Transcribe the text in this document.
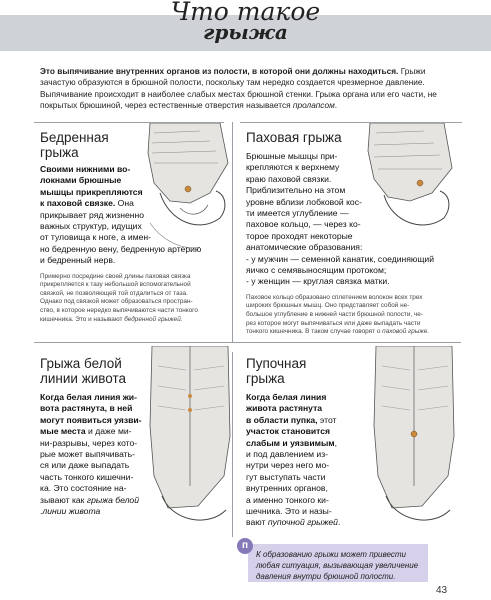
Что такое
грыжа
Это выпячивание внутренних органов из полости, в которой они должны находиться. Грыжи зачастую образуются в брюшной полости, поскольку там нередко создается чрезмерное давление. Выпячивание происходит в наиболее слабых местах брюшной стенки. Грыжа органа или его части, не покрытых брюшиной, через естественные отверстия называется пролапсом.
Бедренная
грыжа
Своими нижними во-
локнами брюшные
мышцы прикрепляются
к паховой связке. Она
прикрывает ряд жизненно
важных структур, идущих
от туловища к ноге, а имен-
но бедренную вену, бедренную артерию
и бедренный нерв.
Примерно посредине своей длины паховая связка
прикрепляется к тазу небольшой вспомогательной
связкой, не позволяющей той отдалиться от таза.
Однако под связкой может образоваться простран-
ство, в которое нередко выпячиваются части тонкого
кишечника. Это и называют бедренной грыжей.
Паховая грыжа
Брюшные мышцы при-
крепляются к верхнему
краю паховой связки.
Приблизительно на этом
уровне вблизи лобковой кос-
ти имеется углубление —
паховое кольцо, — через ко-
торое проходят некоторые
анатомические образования:
- у мужчин — семенной канатик, соединяющий
яичко с семявыносящим протоком;
- у женщин — круглая связка матки.
Паховое кольцо образовано сплетением волокон всех трех
широких брюшных мышц. Оно представляет собой не-
большое углубление в нижней части брюшной полости, че-
рез которое могут выпячиваться или даже выпадать части
тонкого кишечника. В таком случае говорят о паховой грыже.
Грыжа белой
линии живота
Когда белая линия жи-
вота растянута, в ней
могут появиться уязви-
мые места и даже ми-
ни-разрывы, через кото-
рые может выпячивать-
ся или даже выпадать
часть тонкого кишечни-
ка. Это состояние на-
зывают как грыжа белой
.линии живота
Пупочная
грыжа
Когда белая линия
живота растянута
в области пупка, этот
участок становится
слабым и уязвимым,
и под давлением из-
нутри через него мо-
гут выступать части
внутренних органов,
а именно тонкого ки-
шечника. Это и назы-
вают пупочной грыжей.
п
К образованию грыжи может привести любая ситуация, вызывающая увеличение давления внутри брюшной полости.
43
